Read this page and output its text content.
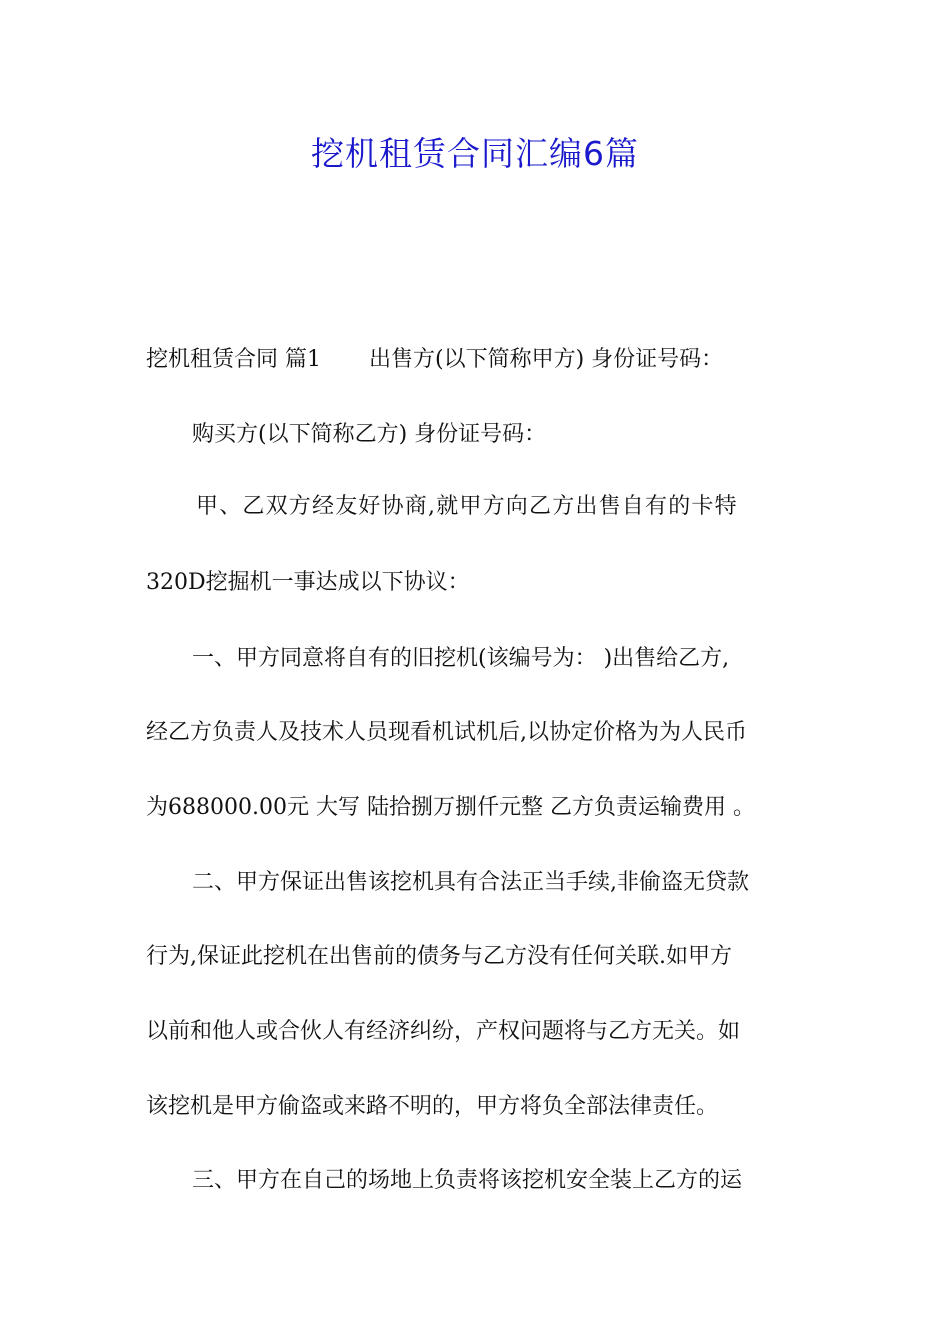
挖机租赁合同汇编6篇
挖机租赁合同 篇1 出售方(以下简称甲方) 身份证号码：
购买方(以下简称乙方) 身份证号码：
甲、乙双方经友好协商,就甲方向乙方出售自有的卡特
320D挖掘机一事达成以下协议：
一、甲方同意将自有的旧挖机(该编号为： )出售给乙方,
经乙方负责人及技术人员现看机试机后,以协定价格为为人民币
为688000.00元 大写 陆拾捌万捌仟元整 乙方负责运输费用 。
二、甲方保证出售该挖机具有合法正当手续,非偷盗无贷款
行为,保证此挖机在出售前的债务与乙方没有任何关联.如甲方
以前和他人或合伙人有经济纠纷，产权问题将与乙方无关。如
该挖机是甲方偷盗或来路不明的，甲方将负全部法律责任。
三、甲方在自己的场地上负责将该挖机安全装上乙方的运
